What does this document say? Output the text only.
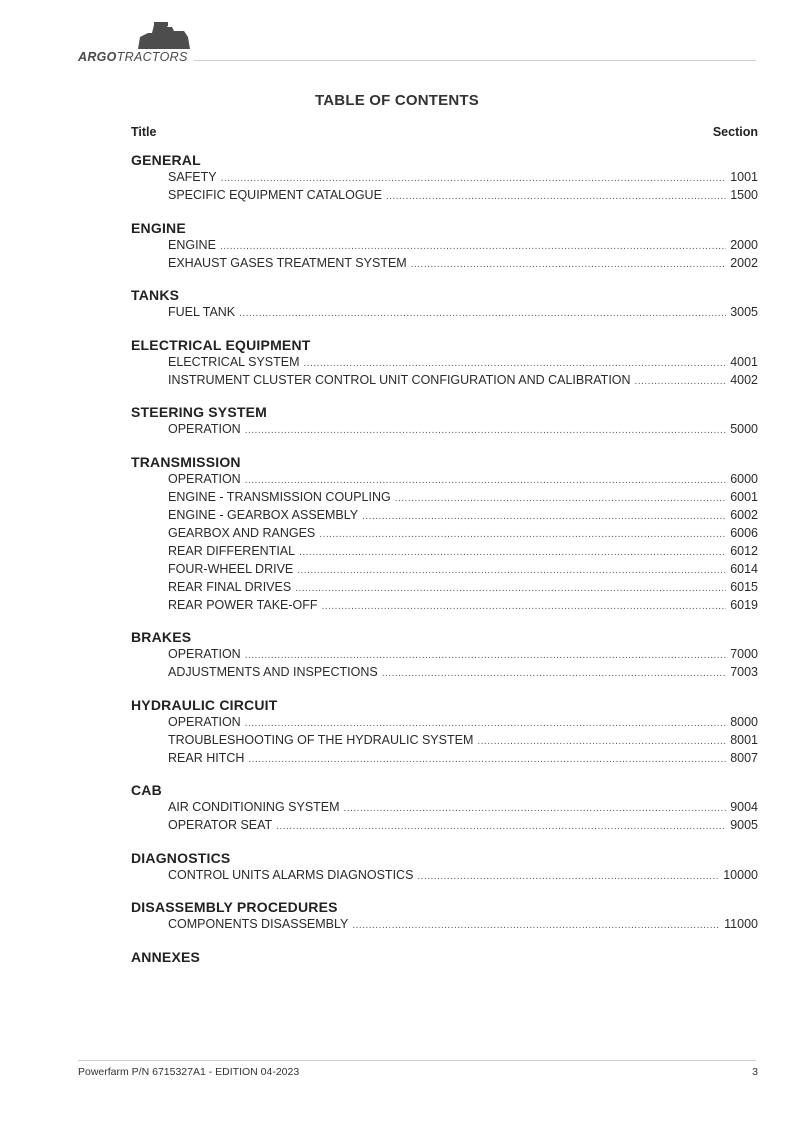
ARGOTRACTORS
TABLE OF CONTENTS
Title	Section
GENERAL
SAFETY .....	1001
SPECIFIC EQUIPMENT CATALOGUE .....	1500
ENGINE
ENGINE .....	2000
EXHAUST GASES TREATMENT SYSTEM .....	2002
TANKS
FUEL TANK .....	3005
ELECTRICAL EQUIPMENT
ELECTRICAL SYSTEM .....	4001
INSTRUMENT CLUSTER CONTROL UNIT CONFIGURATION AND CALIBRATION .....	4002
STEERING SYSTEM
OPERATION .....	5000
TRANSMISSION
OPERATION .....	6000
ENGINE - TRANSMISSION COUPLING .....	6001
ENGINE - GEARBOX ASSEMBLY .....	6002
GEARBOX AND RANGES .....	6006
REAR DIFFERENTIAL .....	6012
FOUR-WHEEL DRIVE .....	6014
REAR FINAL DRIVES .....	6015
REAR POWER TAKE-OFF .....	6019
BRAKES
OPERATION .....	7000
ADJUSTMENTS AND INSPECTIONS .....	7003
HYDRAULIC CIRCUIT
OPERATION .....	8000
TROUBLESHOOTING OF THE HYDRAULIC SYSTEM .....	8001
REAR HITCH .....	8007
CAB
AIR CONDITIONING SYSTEM .....	9004
OPERATOR SEAT .....	9005
DIAGNOSTICS
CONTROL UNITS ALARMS DIAGNOSTICS .....	10000
DISASSEMBLY PROCEDURES
COMPONENTS DISASSEMBLY .....	11000
ANNEXES
Powerfarm P/N 6715327A1 - EDITION 04-2023	3
